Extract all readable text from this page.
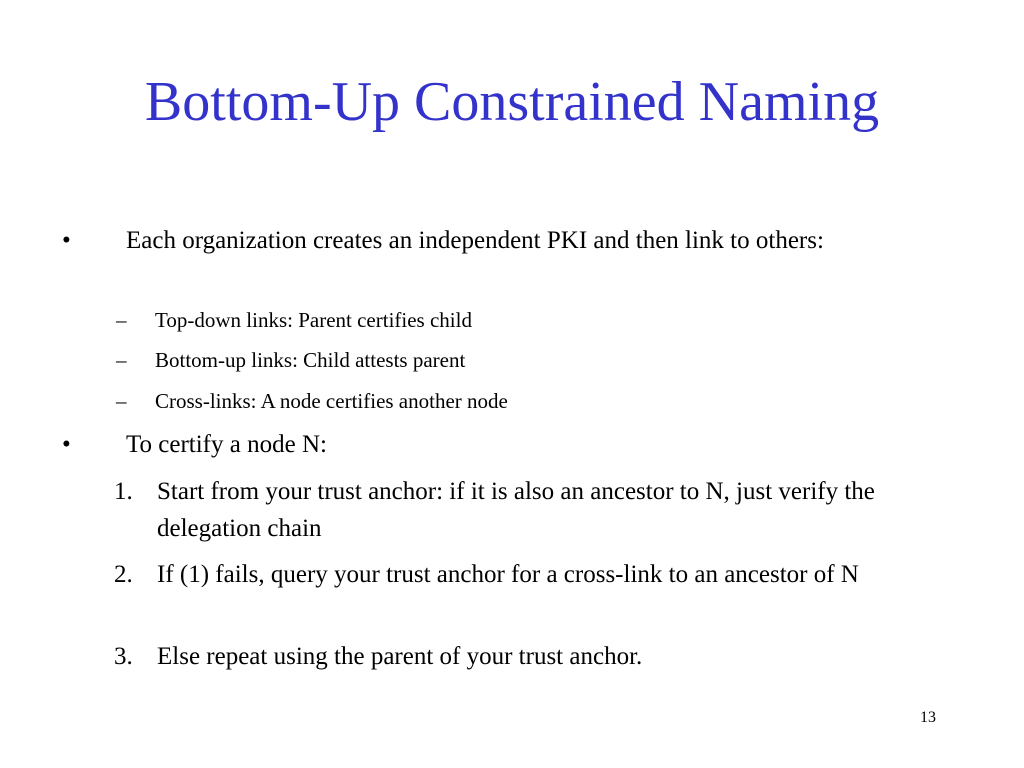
Bottom-Up Constrained Naming
• Each organization creates an independent PKI and then link to others:
– Top-down links: Parent certifies child
– Bottom-up links: Child attests parent
– Cross-links: A node certifies another node
• To certify a node N:
1. Start from your trust anchor: if it is also an ancestor to N, just verify the delegation chain
2. If (1) fails, query your trust anchor for a cross-link to an ancestor of N
3. Else repeat using the parent of your trust anchor.
13
